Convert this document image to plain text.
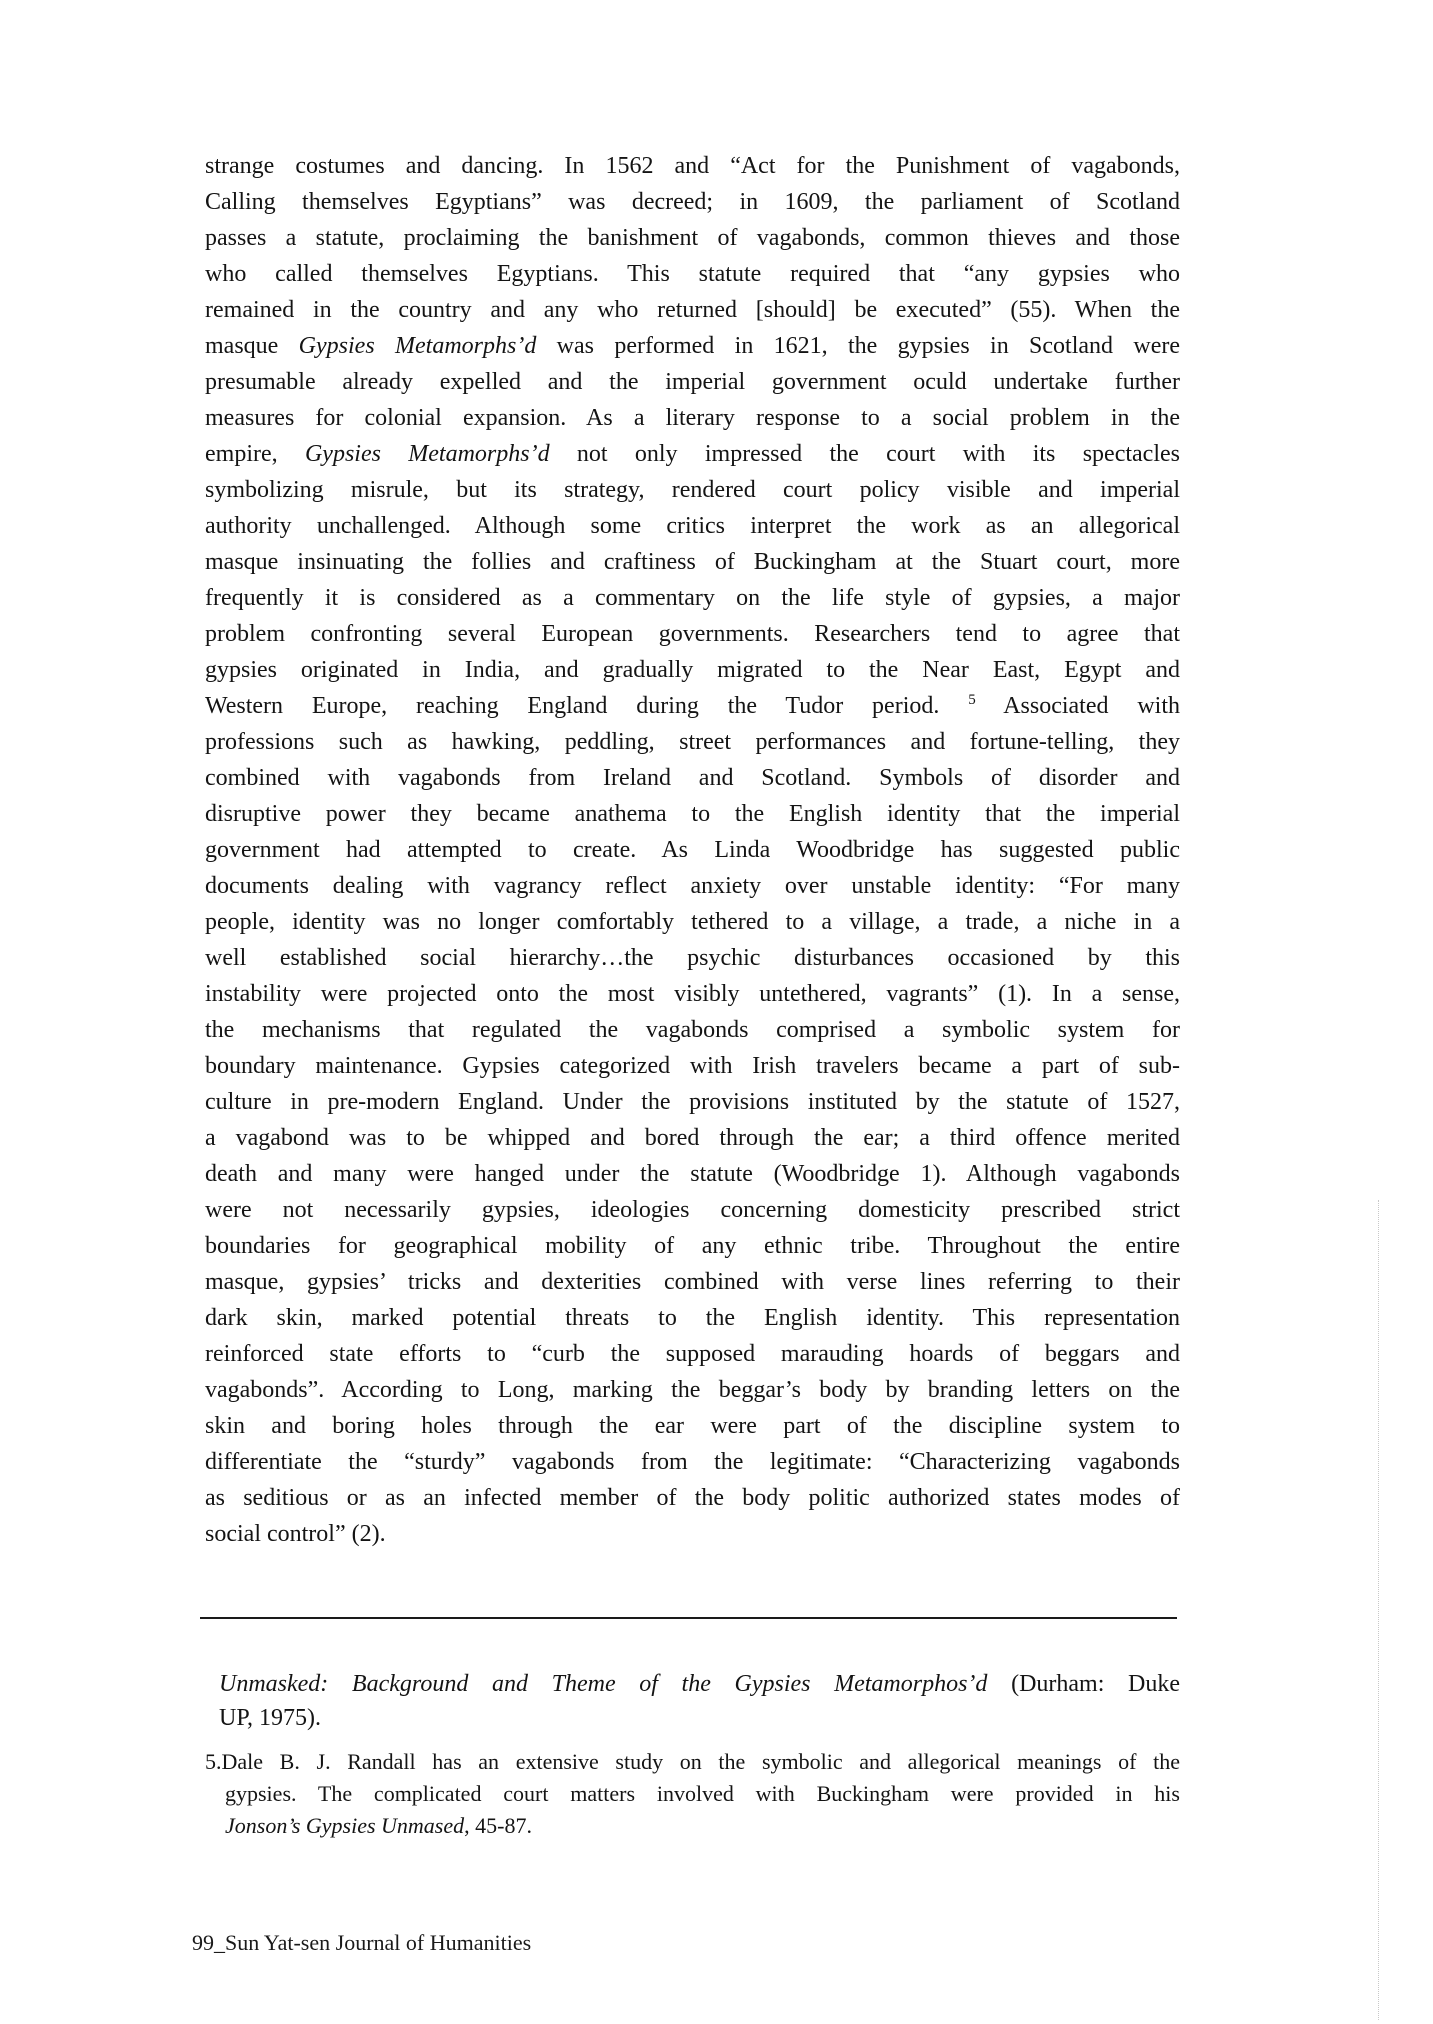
strange costumes and dancing. In 1562 and “Act for the Punishment of vagabonds,
Calling themselves Egyptians” was decreed; in 1609, the parliament of Scotland
passes a statute, proclaiming the banishment of vagabonds, common thieves and those
who called themselves Egyptians. This statute required that “any gypsies who
remained in the country and any who returned [should] be executed” (55). When the
masque Gypsies Metamorphs’d was performed in 1621, the gypsies in Scotland were
presumable already expelled and the imperial government oculd undertake further
measures for colonial expansion. As a literary response to a social problem in the
empire, Gypsies Metamorphs’d not only impressed the court with its spectacles
symbolizing misrule, but its strategy, rendered court policy visible and imperial
authority unchallenged. Although some critics interpret the work as an allegorical
masque insinuating the follies and craftiness of Buckingham at the Stuart court, more
frequently it is considered as a commentary on the life style of gypsies, a major
problem confronting several European governments. Researchers tend to agree that
gypsies originated in India, and gradually migrated to the Near East, Egypt and
Western Europe, reaching England during the Tudor period. $^5$ Associated with
professions such as hawking, peddling, street performances and fortune-telling, they
combined with vagabonds from Ireland and Scotland. Symbols of disorder and
disruptive power they became anathema to the English identity that the imperial
government had attempted to create. As Linda Woodbridge has suggested public
documents dealing with vagrancy reflect anxiety over unstable identity: “For many
people, identity was no longer comfortably tethered to a village, a trade, a niche in a
well established social hierarchy…the psychic disturbances occasioned by this
instability were projected onto the most visibly untethered, vagrants” (1). In a sense,
the mechanisms that regulated the vagabonds comprised a symbolic system for
boundary maintenance. Gypsies categorized with Irish travelers became a part of sub-
culture in pre-modern England. Under the provisions instituted by the statute of 1527,
a vagabond was to be whipped and bored through the ear; a third offence merited
death and many were hanged under the statute (Woodbridge 1). Although vagabonds
were not necessarily gypsies, ideologies concerning domesticity prescribed strict
boundaries for geographical mobility of any ethnic tribe. Throughout the entire
masque, gypsies’ tricks and dexterities combined with verse lines referring to their
dark skin, marked potential threats to the English identity. This representation
reinforced state efforts to “curb the supposed marauding hoards of beggars and
vagabonds”. According to Long, marking the beggar’s body by branding letters on the
skin and boring holes through the ear were part of the discipline system to
differentiate the “sturdy” vagabonds from the legitimate: “Characterizing vagabonds
as seditious or as an infected member of the body politic authorized states modes of
social control” (2).
Unmasked: Background and Theme of the Gypsies Metamorphos’d (Durham: Duke
UP, 1975).
5.Dale B. J. Randall has an extensive study on the symbolic and allegorical meanings of the
gypsies. The complicated court matters involved with Buckingham were provided in his
Jonson’s Gypsies Unmased, 45-87.
99_Sun Yat-sen Journal of Humanities
